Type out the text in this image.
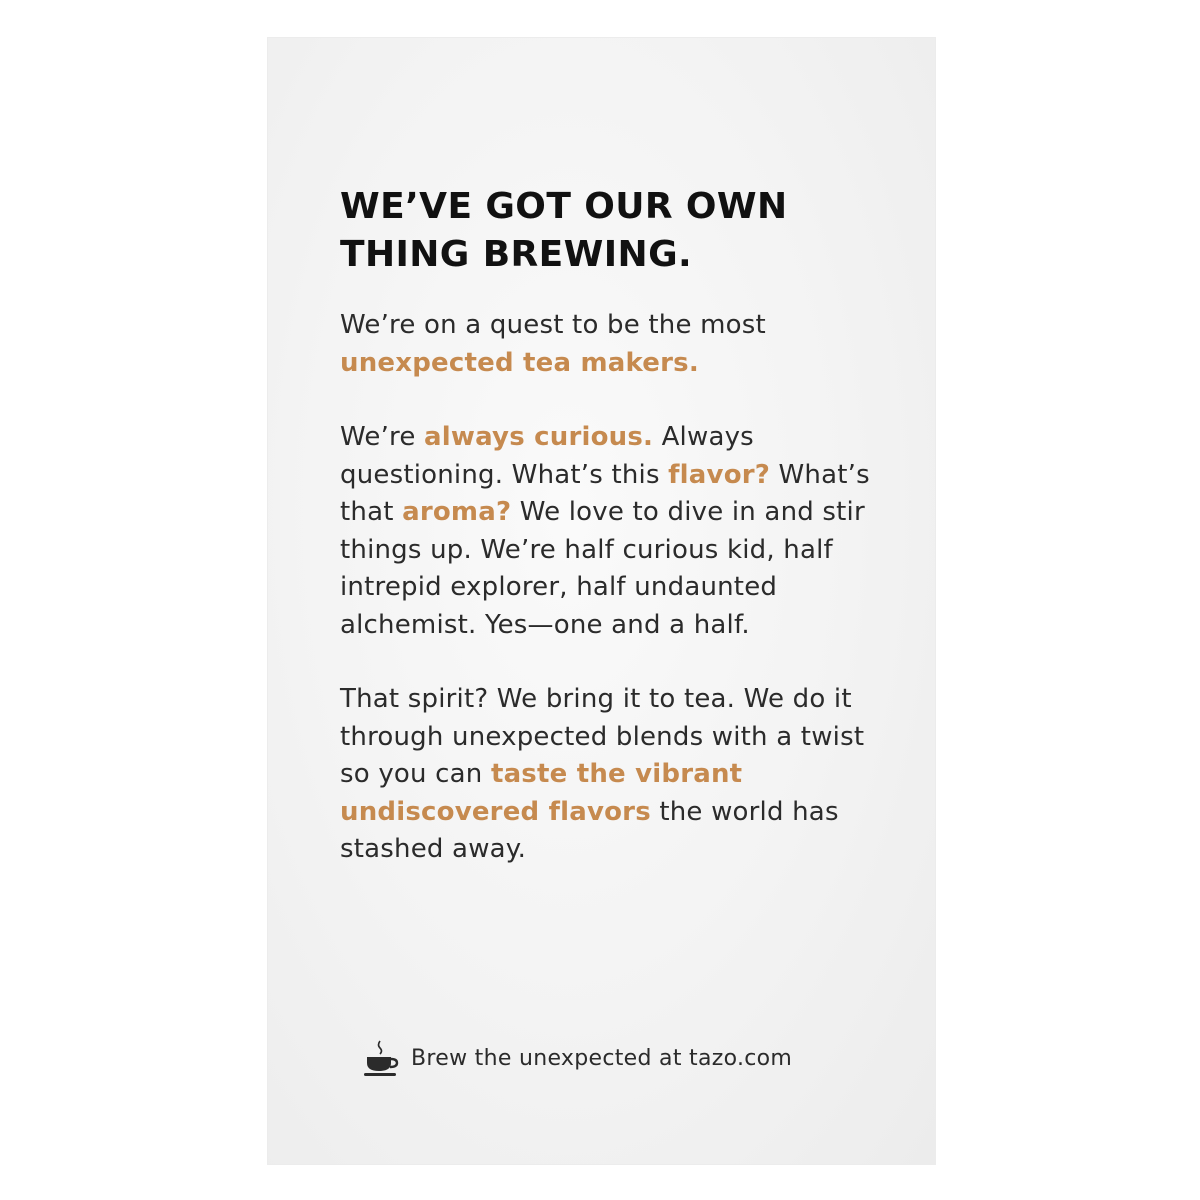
WE’VE GOT OUR OWN
THING BREWING.

We’re on a quest to be the most
unexpected tea makers.

We’re always curious. Always questioning. What’s this flavor? What’s that aroma? We love to dive in and stir things up. We’re half curious kid, half intrepid explorer, half undaunted alchemist. Yes—one and a half.

That spirit? We bring it to tea. We do it through unexpected blends with a twist so you can taste the vibrant undiscovered flavors the world has stashed away.

Brew the unexpected at tazo.com
